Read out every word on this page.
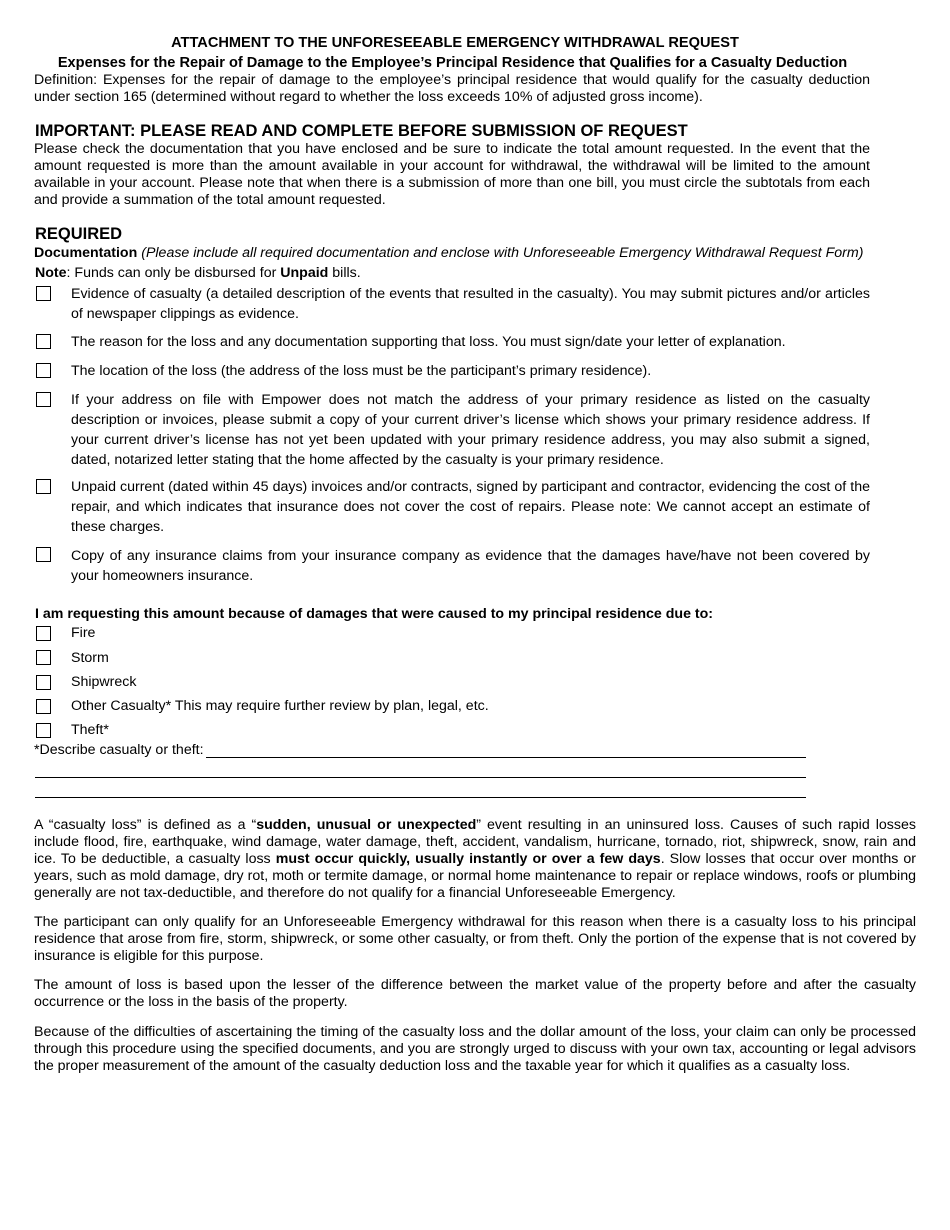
ATTACHMENT TO THE UNFORESEEABLE EMERGENCY WITHDRAWAL REQUEST
Expenses for the Repair of Damage to the Employee’s Principal Residence that Qualifies for a Casualty Deduction

Definition: Expenses for the repair of damage to the employee’s principal residence that would qualify for the casualty deduction under section 165 (determined without regard to whether the loss exceeds 10% of adjusted gross income).

IMPORTANT: PLEASE READ AND COMPLETE BEFORE SUBMISSION OF REQUEST

Please check the documentation that you have enclosed and be sure to indicate the total amount requested. In the event that the amount requested is more than the amount available in your account for withdrawal, the withdrawal will be limited to the amount available in your account. Please note that when there is a submission of more than one bill, you must circle the subtotals from each and provide a summation of the total amount requested.

REQUIRED

Documentation (Please include all required documentation and enclose with Unforeseeable Emergency Withdrawal Request Form)

Note: Funds can only be disbursed for Unpaid bills.

Evidence of casualty (a detailed description of the events that resulted in the casualty). You may submit pictures and/or articles of newspaper clippings as evidence.

The reason for the loss and any documentation supporting that loss. You must sign/date your letter of explanation.

The location of the loss (the address of the loss must be the participant’s primary residence).

If your address on file with Empower does not match the address of your primary residence as listed on the casualty description or invoices, please submit a copy of your current driver’s license which shows your primary residence address. If your current driver’s license has not yet been updated with your primary residence address, you may also submit a signed, dated, notarized letter stating that the home affected by the casualty is your primary residence.

Unpaid current (dated within 45 days) invoices and/or contracts, signed by participant and contractor, evidencing the cost of the repair, and which indicates that insurance does not cover the cost of repairs. Please note: We cannot accept an estimate of these charges.

Copy of any insurance claims from your insurance company as evidence that the damages have/have not been covered by your homeowners insurance.

I am requesting this amount because of damages that were caused to my principal residence due to:
Fire
Storm
Shipwreck
Other Casualty* This may require further review by plan, legal, etc.
Theft*
*Describe casualty or theft:

A “casualty loss” is defined as a “sudden, unusual or unexpected” event resulting in an uninsured loss. Causes of such rapid losses include flood, fire, earthquake, wind damage, water damage, theft, accident, vandalism, hurricane, tornado, riot, shipwreck, snow, rain and ice. To be deductible, a casualty loss must occur quickly, usually instantly or over a few days. Slow losses that occur over months or years, such as mold damage, dry rot, moth or termite damage, or normal home maintenance to repair or replace windows, roofs or plumbing generally are not tax-deductible, and therefore do not qualify for a financial Unforeseeable Emergency.

The participant can only qualify for an Unforeseeable Emergency withdrawal for this reason when there is a casualty loss to his principal residence that arose from fire, storm, shipwreck, or some other casualty, or from theft. Only the portion of the expense that is not covered by insurance is eligible for this purpose.

The amount of loss is based upon the lesser of the difference between the market value of the property before and after the casualty occurrence or the loss in the basis of the property.

Because of the difficulties of ascertaining the timing of the casualty loss and the dollar amount of the loss, your claim can only be processed through this procedure using the specified documents, and you are strongly urged to discuss with your own tax, accounting or legal advisors the proper measurement of the amount of the casualty deduction loss and the taxable year for which it qualifies as a casualty loss.
